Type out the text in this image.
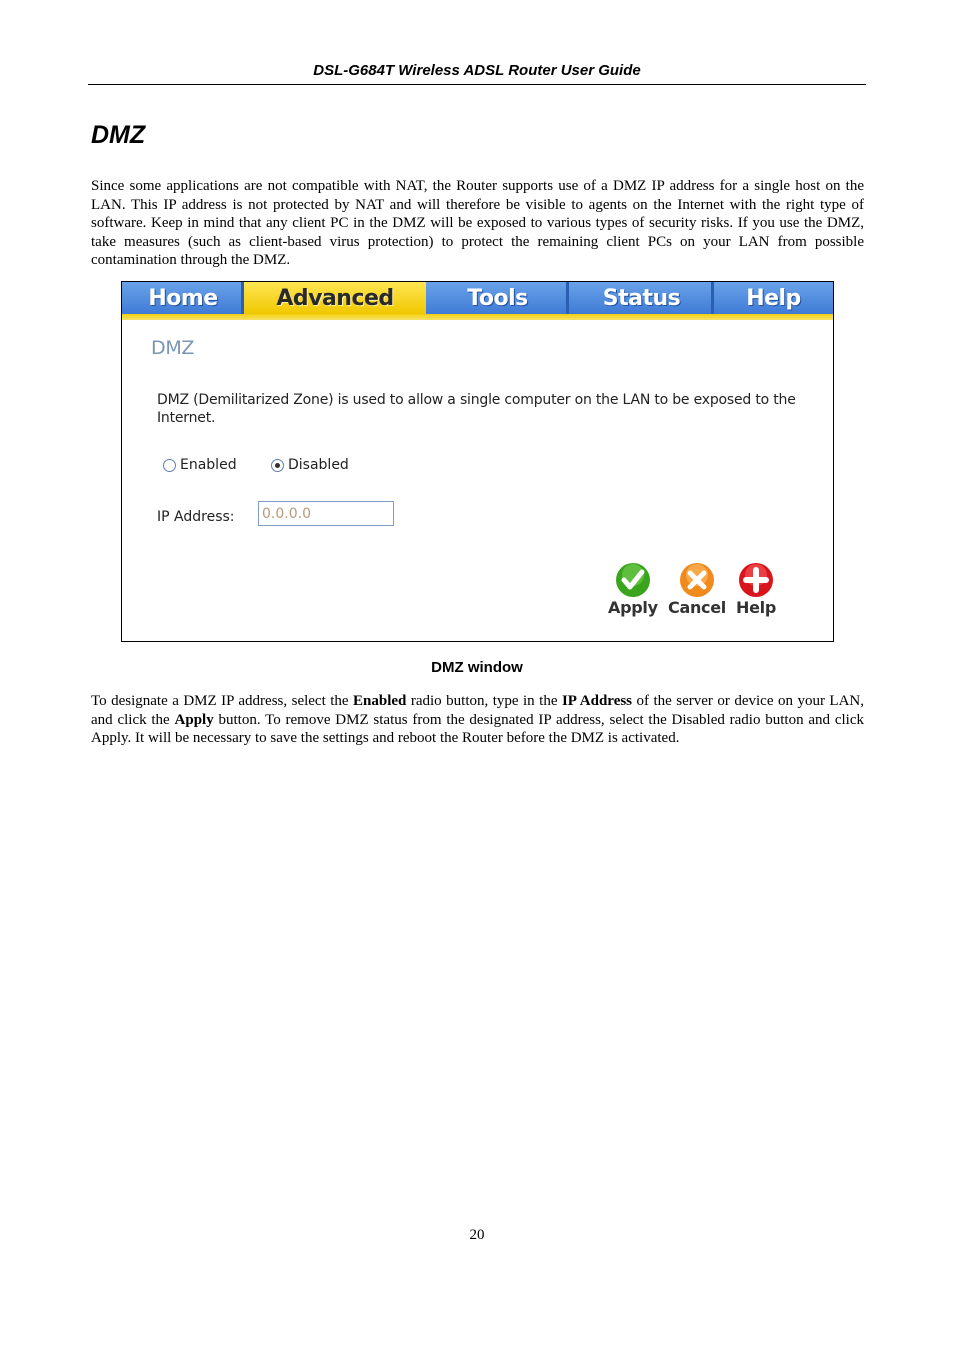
DSL-G684T Wireless ADSL Router User Guide
DMZ

Since some applications are not compatible with NAT, the Router supports use of a DMZ IP address for a single host on the LAN. This IP address is not protected by NAT and will therefore be visible to agents on the Internet with the right type of software. Keep in mind that any client PC in the DMZ will be exposed to various types of security risks. If you use the DMZ, take measures (such as client-based virus protection) to protect the remaining client PCs on your LAN from possible contamination through the DMZ.

Home	Advanced	Tools	Status	Help
DMZ
DMZ (Demilitarized Zone) is used to allow a single computer on the LAN to be exposed to the Internet.
Enabled	Disabled
IP Address:
0.0.0.0
Apply Cancel Help
DMZ window

To designate a DMZ IP address, select the Enabled radio button, type in the IP Address of the server or device on your LAN, and click the Apply button. To remove DMZ status from the designated IP address, select the Disabled radio button and click Apply. It will be necessary to save the settings and reboot the Router before the DMZ is activated.

20
